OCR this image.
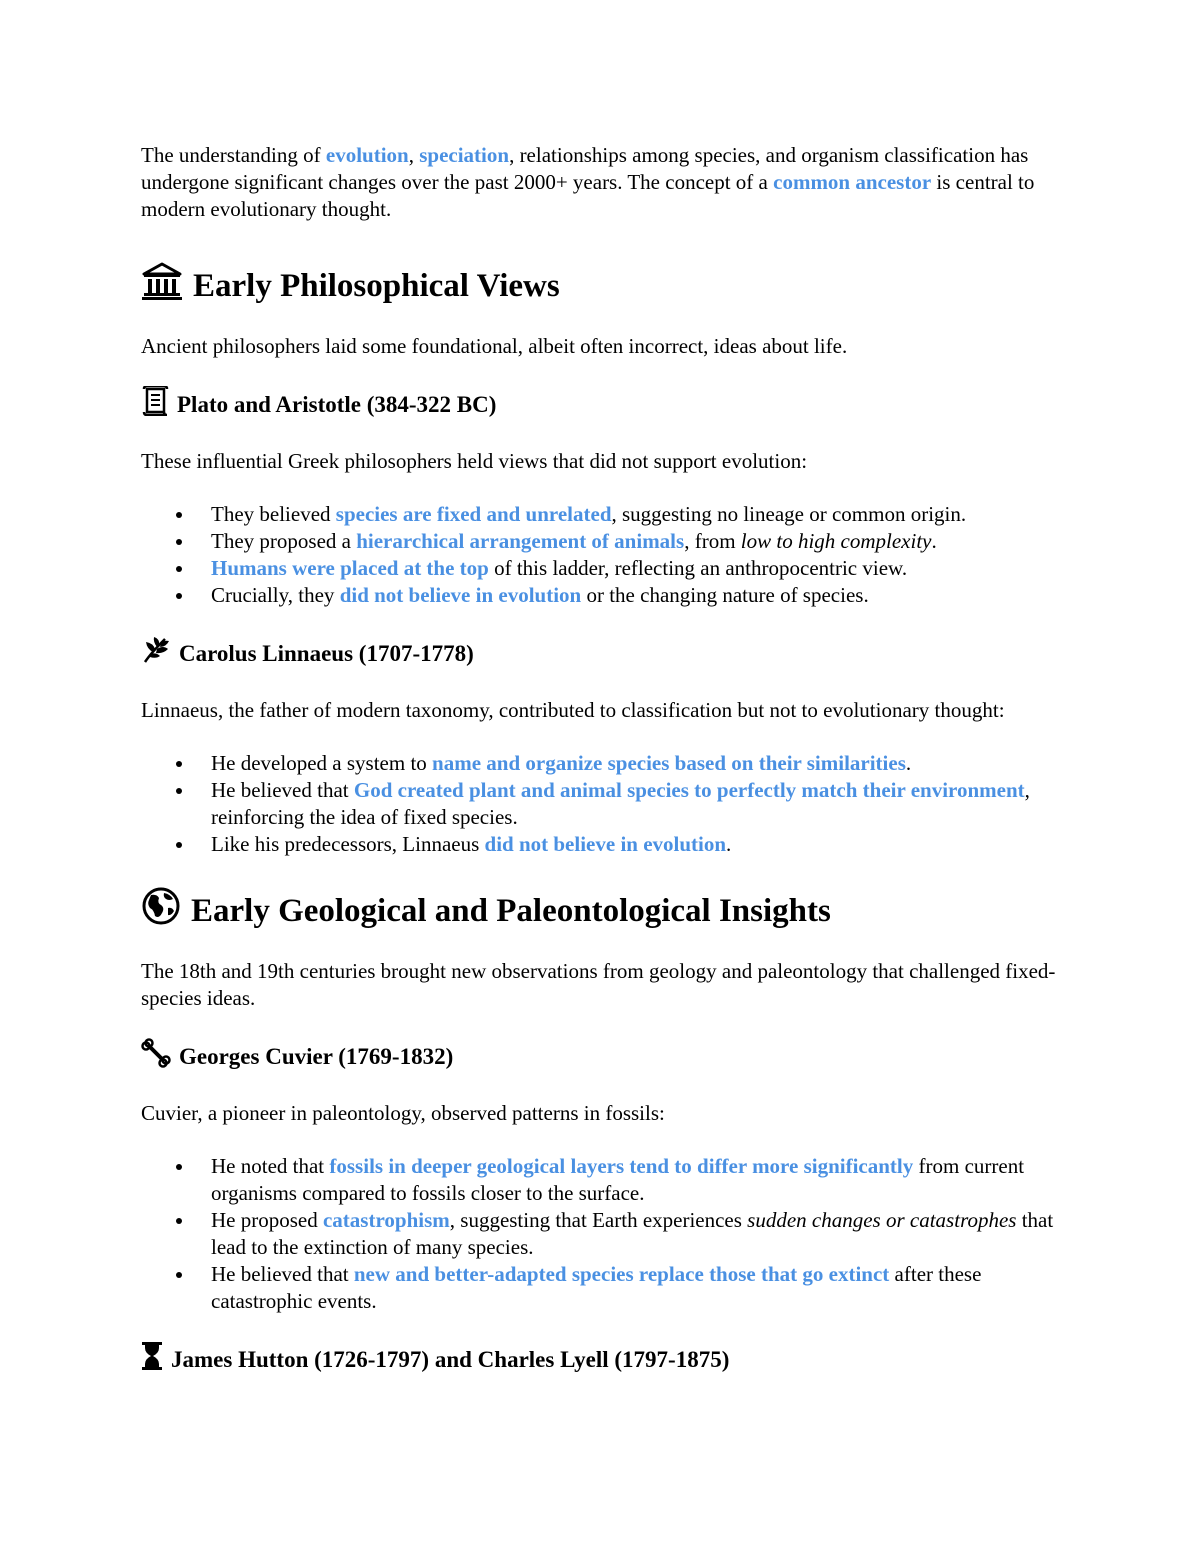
The understanding of evolution, speciation, relationships among species, and organism classification has undergone significant changes over the past 2000+ years. The concept of a common ancestor is central to modern evolutionary thought.

Early Philosophical Views

Ancient philosophers laid some foundational, albeit often incorrect, ideas about life.

Plato and Aristotle (384-322 BC)

These influential Greek philosophers held views that did not support evolution:

They believed species are fixed and unrelated, suggesting no lineage or common origin.
They proposed a hierarchical arrangement of animals, from low to high complexity.
Humans were placed at the top of this ladder, reflecting an anthropocentric view.
Crucially, they did not believe in evolution or the changing nature of species.
Carolus Linnaeus (1707-1778)

Linnaeus, the father of modern taxonomy, contributed to classification but not to evolutionary thought:

He developed a system to name and organize species based on their similarities.
He believed that God created plant and animal species to perfectly match their environment, reinforcing the idea of fixed species.
Like his predecessors, Linnaeus did not believe in evolution.
Early Geological and Paleontological Insights

The 18th and 19th centuries brought new observations from geology and paleontology that challenged fixed-species ideas.

Georges Cuvier (1769-1832)

Cuvier, a pioneer in paleontology, observed patterns in fossils:

He noted that fossils in deeper geological layers tend to differ more significantly from current organisms compared to fossils closer to the surface.
He proposed catastrophism, suggesting that Earth experiences sudden changes or catastrophes that lead to the extinction of many species.
He believed that new and better-adapted species replace those that go extinct after these catastrophic events.
James Hutton (1726-1797) and Charles Lyell (1797-1875)
